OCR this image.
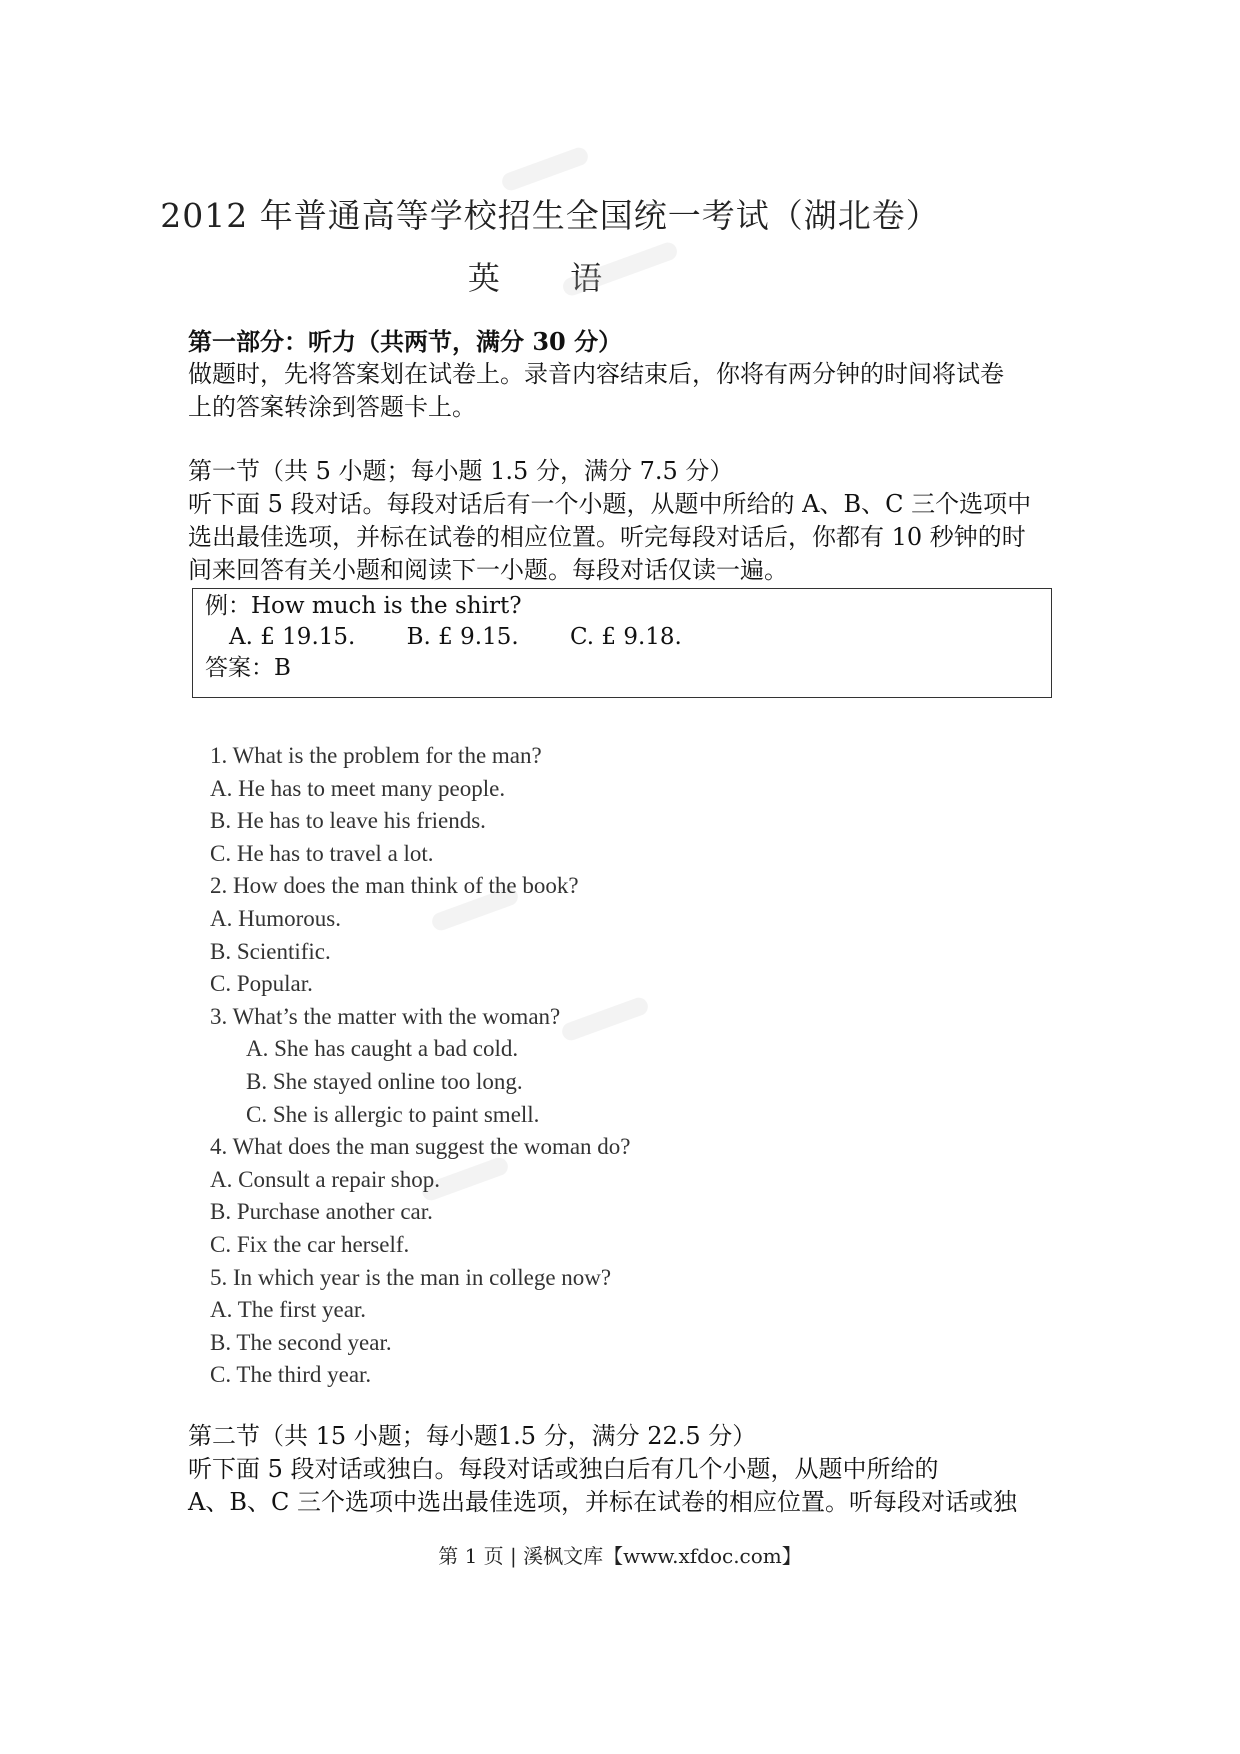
2012 年普通高等学校招生全国统一考试（湖北卷）
英 语
第一部分：听力（共两节，满分 30 分）
做题时，先将答案划在试卷上。录音内容结束后，你将有两分钟的时间将试卷
上的答案转涂到答题卡上。
第一节（共 5 小题；每小题 1.5 分，满分 7.5 分）
听下面 5 段对话。每段对话后有一个小题，从题中所给的 A、B、C 三个选项中
选出最佳选项，并标在试卷的相应位置。听完每段对话后，你都有 10 秒钟的时
间来回答有关小题和阅读下一小题。每段对话仅读一遍。
例：How much is the shirt?
A. £ 19.15. B. £ 9.15. C. £ 9.18.
答案：B
1. What is the problem for the man?
A. He has to meet many people.
B. He has to leave his friends.
C. He has to travel a lot.
2. How does the man think of the book?
A. Humorous.
B. Scientific.
C. Popular.
3. What’s the matter with the woman?
A. She has caught a bad cold.
B. She stayed online too long.
C. She is allergic to paint smell.
4. What does the man suggest the woman do?
A. Consult a repair shop.
B. Purchase another car.
C. Fix the car herself.
5. In which year is the man in college now?
A. The first year.
B. The second year.
C. The third year.
第二节（共 15 小题；每小题1.5 分，满分 22.5 分）
听下面 5 段对话或独白。每段对话或独白后有几个小题，从题中所给的
A、B、C 三个选项中选出最佳选项，并标在试卷的相应位置。听每段对话或独
第 1 页 | 溪枫文库【www.xfdoc.com】
